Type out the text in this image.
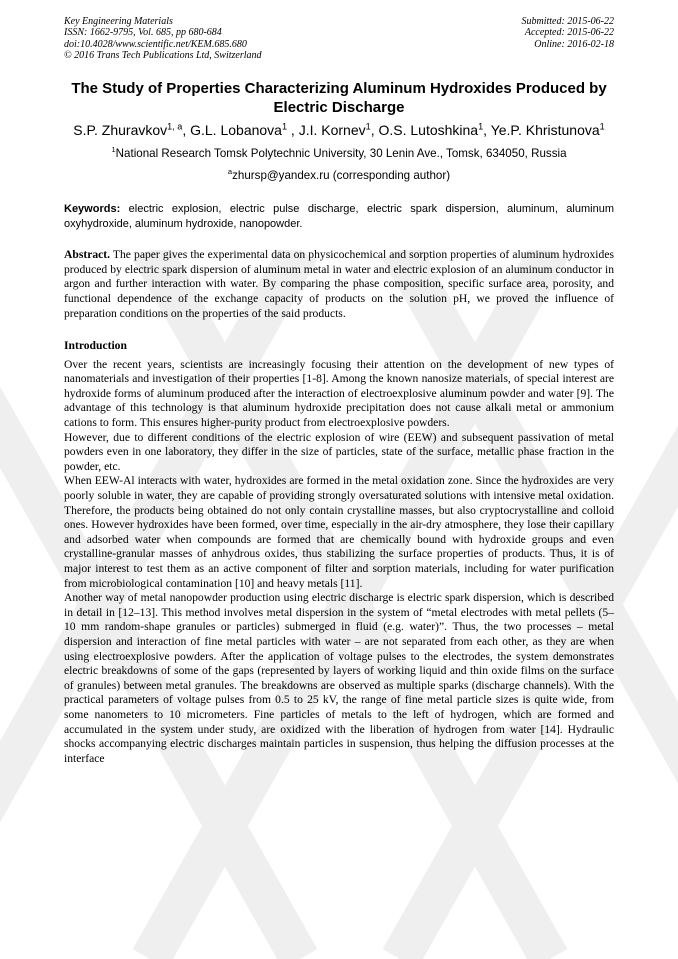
Key Engineering Materials
ISSN: 1662-9795, Vol. 685, pp 680-684
doi:10.4028/www.scientific.net/KEM.685.680
© 2016 Trans Tech Publications Ltd, Switzerland
Submitted: 2015-06-22
Accepted: 2015-06-22
Online: 2016-02-18
The Study of Properties Characterizing Aluminum Hydroxides Produced by Electric Discharge
S.P. Zhuravkov$^{1, a}$, G.L. Lobanova$^1$ , J.I. Kornev$^1$, O.S. Lutoshkina$^1$, Ye.P. Khristunova$^1$
$^1$National Research Tomsk Polytechnic University, 30 Lenin Ave., Tomsk, 634050, Russia
$^a$zhursp@yandex.ru (corresponding author)
Keywords: electric explosion, electric pulse discharge, electric spark dispersion, aluminum, aluminum oxyhydroxide, aluminum hydroxide, nanopowder.
Abstract. The paper gives the experimental data on physicochemical and sorption properties of aluminum hydroxides produced by electric spark dispersion of aluminum metal in water and electric explosion of an aluminum conductor in argon and further interaction with water. By comparing the phase composition, specific surface area, porosity, and functional dependence of the exchange capacity of products on the solution pH, we proved the influence of preparation conditions on the properties of the said products.
Introduction

Over the recent years, scientists are increasingly focusing their attention on the development of new types of nanomaterials and investigation of their properties [1-8]. Among the known nanosize materials, of special interest are hydroxide forms of aluminum produced after the interaction of electroexplosive aluminum powder and water [9]. The advantage of this technology is that aluminum hydroxide precipitation does not cause alkali metal or ammonium cations to form. This ensures higher-purity product from electroexplosive powders.

However, due to different conditions of the electric explosion of wire (EEW) and subsequent passivation of metal powders even in one laboratory, they differ in the size of particles, state of the surface, metallic phase fraction in the powder, etc.

When EEW-Al interacts with water, hydroxides are formed in the metal oxidation zone. Since the hydroxides are very poorly soluble in water, they are capable of providing strongly oversaturated solutions with intensive metal oxidation. Therefore, the products being obtained do not only contain crystalline masses, but also cryptocrystalline and colloid ones. However hydroxides have been formed, over time, especially in the air-dry atmosphere, they lose their capillary and adsorbed water when compounds are formed that are chemically bound with hydroxide groups and even crystalline-granular masses of anhydrous oxides, thus stabilizing the surface properties of products. Thus, it is of major interest to test them as an active component of filter and sorption materials, including for water purification from microbiological contamination [10] and heavy metals [11].

Another way of metal nanopowder production using electric discharge is electric spark dispersion, which is described in detail in [12–13]. This method involves metal dispersion in the system of “metal electrodes with metal pellets (5–10 mm random-shape granules or particles) submerged in fluid (e.g. water)”. Thus, the two processes – metal dispersion and interaction of fine metal particles with water – are not separated from each other, as they are when using electroexplosive powders. After the application of voltage pulses to the electrodes, the system demonstrates electric breakdowns of some of the gaps (represented by layers of working liquid and thin oxide films on the surface of granules) between metal granules. The breakdowns are observed as multiple sparks (discharge channels). With the practical parameters of voltage pulses from 0.5 to 25 kV, the range of fine metal particle sizes is quite wide, from some nanometers to 10 micrometers. Fine particles of metals to the left of hydrogen, which are formed and accumulated in the system under study, are oxidized with the liberation of hydrogen from water [14]. Hydraulic shocks accompanying electric discharges maintain particles in suspension, thus helping the diffusion processes at the interface
